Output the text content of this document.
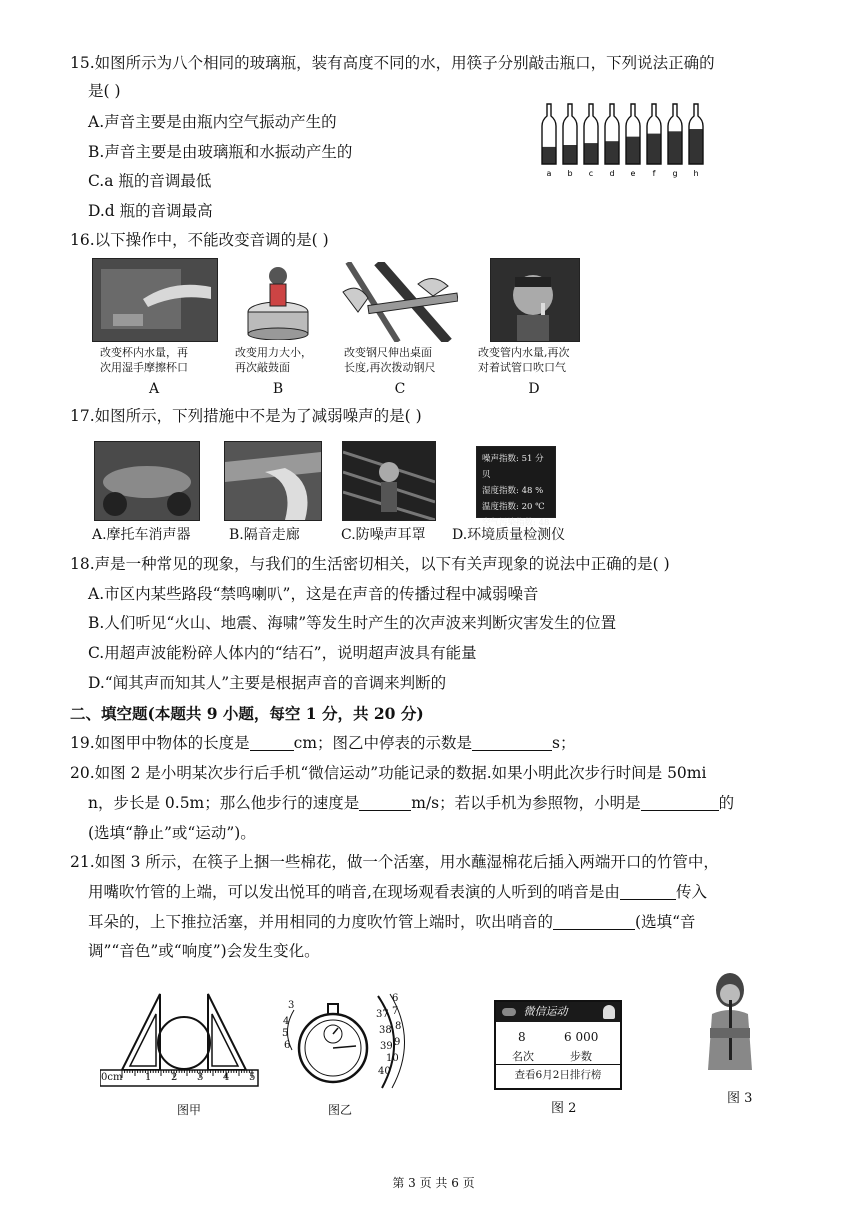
15.如图所示为八个相同的玻璃瓶，装有高度不同的水，用筷子分别敲击瓶口，下列说法正确的
是( )
A.声音主要是由瓶内空气振动产生的
B.声音主要是由玻璃瓶和水振动产生的
C.a 瓶的音调最低
D.d 瓶的音调最高
a b c d e f g h
16.以下操作中，不能改变音调的是( )
改变杯内水量，再
次用湿手摩擦杯口
改变用力大小，
再次敲鼓面
改变钢尺伸出桌面
长度,再次拨动钢尺
改变管内水量,再次
对着试管口吹口气
A	B	C	D
17.如图所示，下列措施中不是为了减弱噪声的是( )
噪声指数: 51 分贝
湿度指数: 48 %
温度指数: 20 ℃
空气污染指数: 48
A.摩托车消声器	B.隔音走廊	C.防噪声耳罩 D.环境质量检测仪
18.声是一种常见的现象，与我们的生活密切相关，以下有关声现象的说法中正确的是( )
A.市区内某些路段“禁鸣喇叭”，这是在声音的传播过程中减弱噪音
B.人们听见“火山、地震、海啸”等发生时产生的次声波来判断灾害发生的位置
C.用超声波能粉碎人体内的“结石”，说明超声波具有能量
D.“闻其声而知其人”主要是根据声音的音调来判断的
二、填空题(本题共 9 小题，每空 1 分，共 20 分)
19.如图甲中物体的长度是	cm；图乙中停表的示数是	s；
20.如图 2 是小明某次步行后手机“微信运动”功能记录的数据.如果小明此次步行时间是 50mi
n，步长是 0.5m；那么他步行的速度是	m/s；若以手机为参照物，小明是	的
(选填“静止”或“运动”)。
21.如图 3 所示，在筷子上捆一些棉花，做一个活塞，用水蘸湿棉花后插入两端开口的竹管中，
用嘴吹竹管的上端，可以发出悦耳的哨音,在现场观看表演的人听到的哨音是由	传入
耳朵的，上下推拉活塞，并用相同的力度吹竹管上端时，吹出哨音的	(选填“音
调”“音色”或“响度”)会发生变化。
0cm 1 2 3 4 5
图甲
3
4
5
6
6
7
37
8
38
9
39
10
40
图乙
微信运动
8	6 000
名次	步数
查看6月2日排行榜
图 2
图 3
第 3 页 共 6 页
